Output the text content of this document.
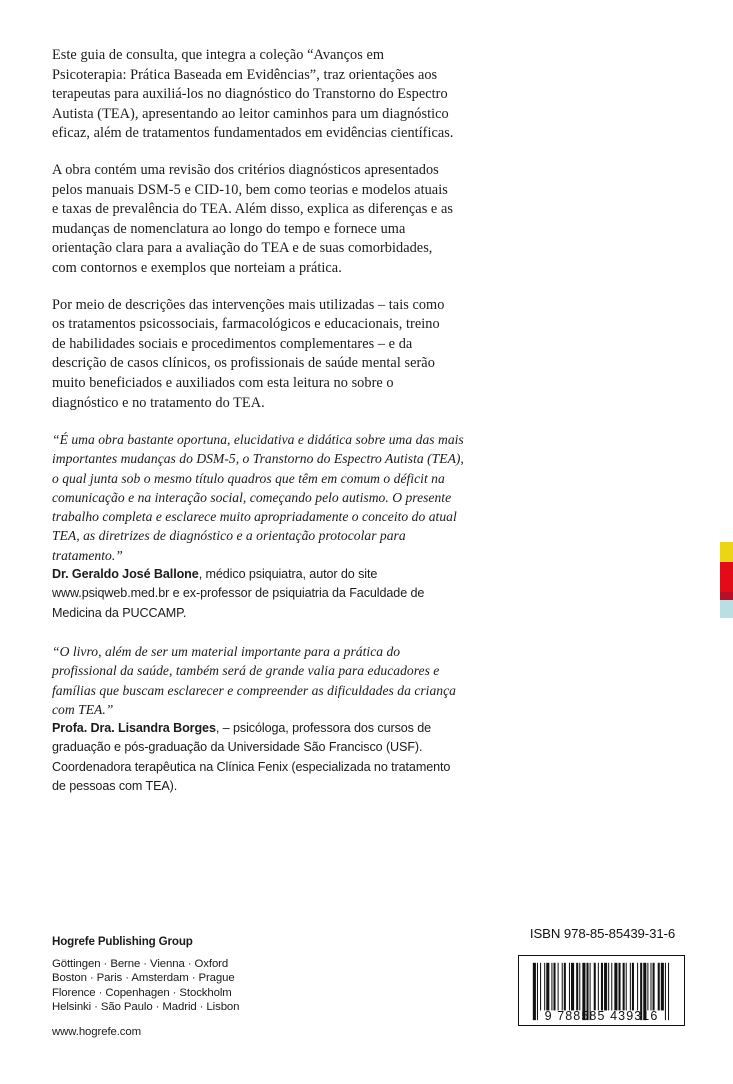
Este guia de consulta, que integra a coleção “Avanços em Psicoterapia: Prática Baseada em Evidências”, traz orientações aos terapeutas para auxiliá-los no diagnóstico do Transtorno do Espectro Autista (TEA), apresentando ao leitor caminhos para um diagnóstico eficaz, além de tratamentos fundamentados em evidências científicas.

A obra contém uma revisão dos critérios diagnósticos apresentados pelos manuais DSM-5 e CID-10, bem como teorias e modelos atuais e taxas de prevalência do TEA. Além disso, explica as diferenças e as mudanças de nomenclatura ao longo do tempo e fornece uma orientação clara para a avaliação do TEA e de suas comorbidades, com contornos e exemplos que norteiam a prática.

Por meio de descrições das intervenções mais utilizadas – tais como os tratamentos psicossociais, farmacológicos e educacionais, treino de habilidades sociais e procedimentos complementares – e da descrição de casos clínicos, os profissionais de saúde mental serão muito beneficiados e auxiliados com esta leitura no sobre o diagnóstico e no tratamento do TEA.

“É uma obra bastante oportuna, elucidativa e didática sobre uma das mais importantes mudanças do DSM-5, o Transtorno do Espectro Autista (TEA), o qual junta sob o mesmo título quadros que têm em comum o déficit na comunicação e na interação social, começando pelo autismo. O presente trabalho completa e esclarece muito apropriadamente o conceito do atual TEA, as diretrizes de diagnóstico e a orientação protocolar para tratamento.”

Dr. Geraldo José Ballone, médico psiquiatra, autor do site www.psiqweb.med.br e ex-professor de psiquiatria da Faculdade de Medicina da PUCCAMP.

“O livro, além de ser um material importante para a prática do profissional da saúde, também será de grande valia para educadores e famílias que buscam esclarecer e compreender as dificuldades da criança com TEA.”

Profa. Dra. Lisandra Borges, – psicóloga, professora dos cursos de graduação e pós-graduação da Universidade São Francisco (USF). Coordenadora terapêutica na Clínica Fenix (especializada no tratamento de pessoas com TEA).

Hogrefe Publishing Group

Göttingen · Berne · Vienna · Oxford

Boston · Paris · Amsterdam · Prague

Florence · Copenhagen · Stockholm

Helsinki · São Paulo · Madrid · Lisbon

www.hogrefe.com

ISBN 978-85-85439-31-6

9 788585 439316
